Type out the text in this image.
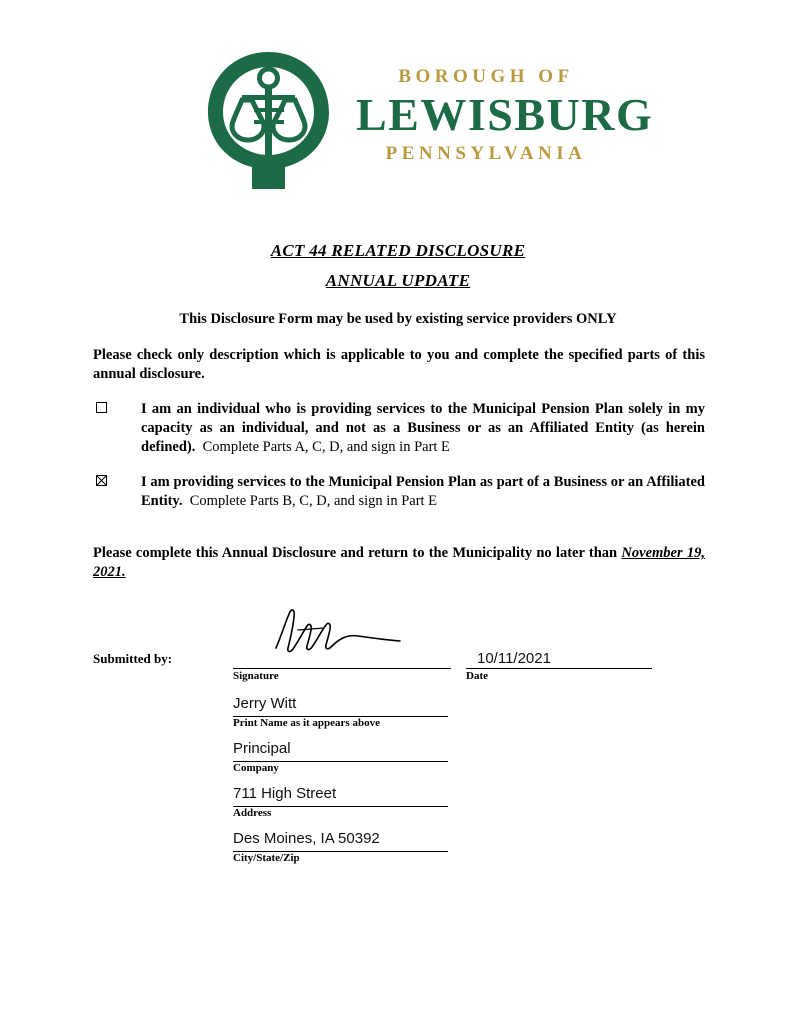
BOROUGH OF
LEWISBURG
PENNSYLVANIA
ACT 44 RELATED DISCLOSURE
ANNUAL UPDATE
This Disclosure Form may be used by existing service providers ONLY
Please check only description which is applicable to you and complete the specified parts of this annual disclosure.
I am an individual who is providing services to the Municipal Pension Plan solely in my capacity as an individual, and not as a Business or as an Affiliated Entity (as herein defined). Complete Parts A, C, D, and sign in Part E
I am providing services to the Municipal Pension Plan as part of a Business or an Affiliated Entity. Complete Parts B, C, D, and sign in Part E
Please complete this Annual Disclosure and return to the Municipality no later than November 19, 2021.
Submitted by:
Signature
10/11/2021
Date
Jerry Witt
Print Name as it appears above
Principal
Company
711 High Street
Address
Des Moines, IA 50392
City/State/Zip
